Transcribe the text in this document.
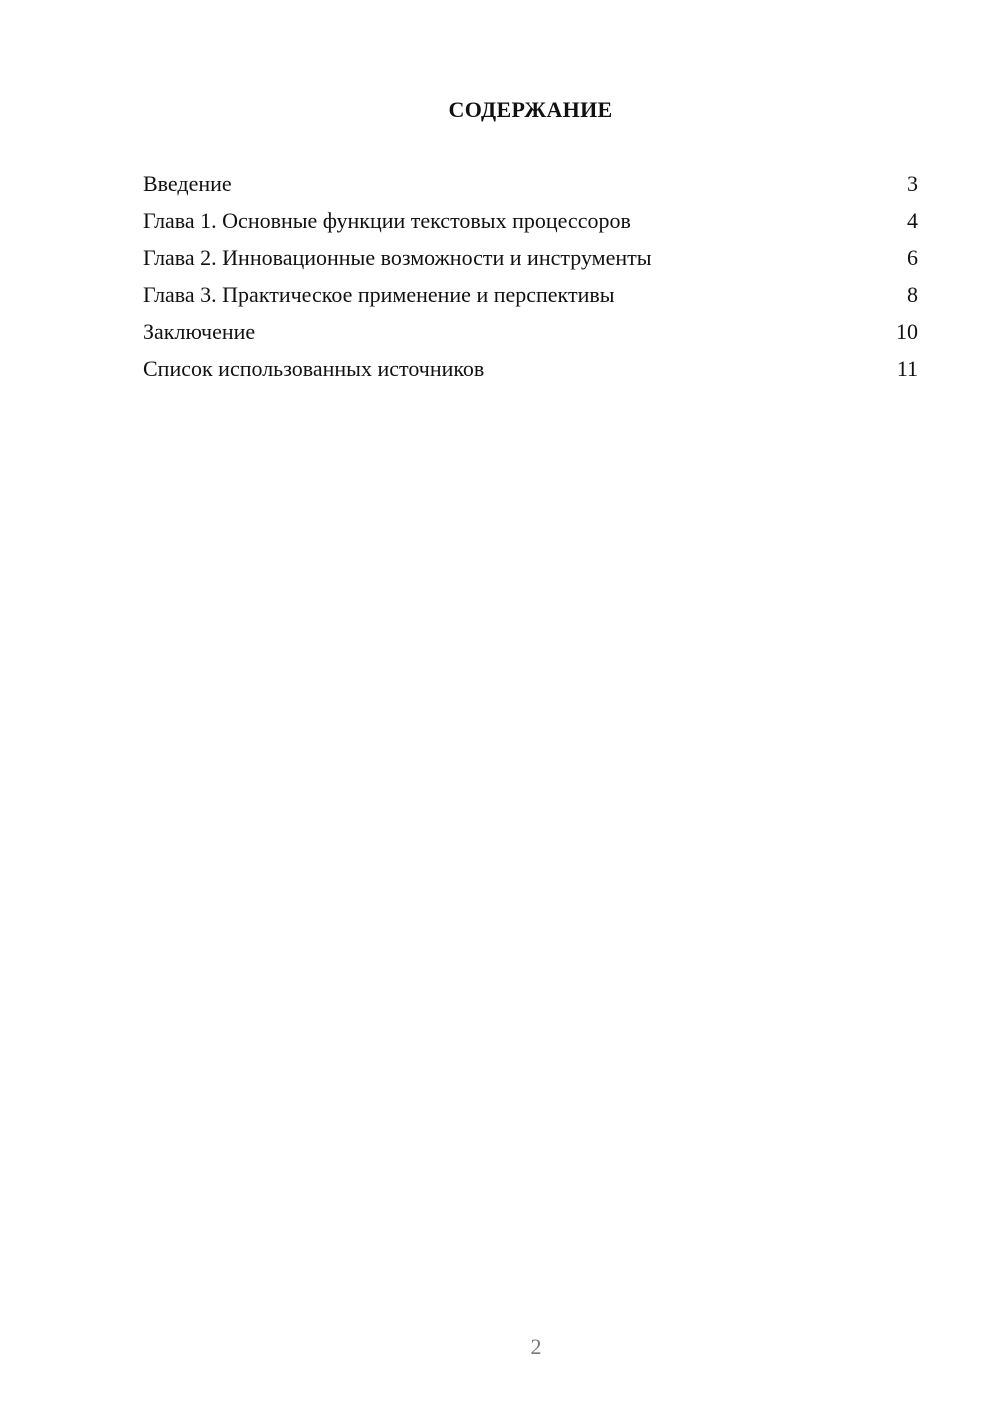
СОДЕРЖАНИЕ
Введение	3
Глава 1. Основные функции текстовых процессоров	4
Глава 2. Инновационные возможности и инструменты	6
Глава 3. Практическое применение и перспективы	8
Заключение	10
Список использованных источников	11
2
